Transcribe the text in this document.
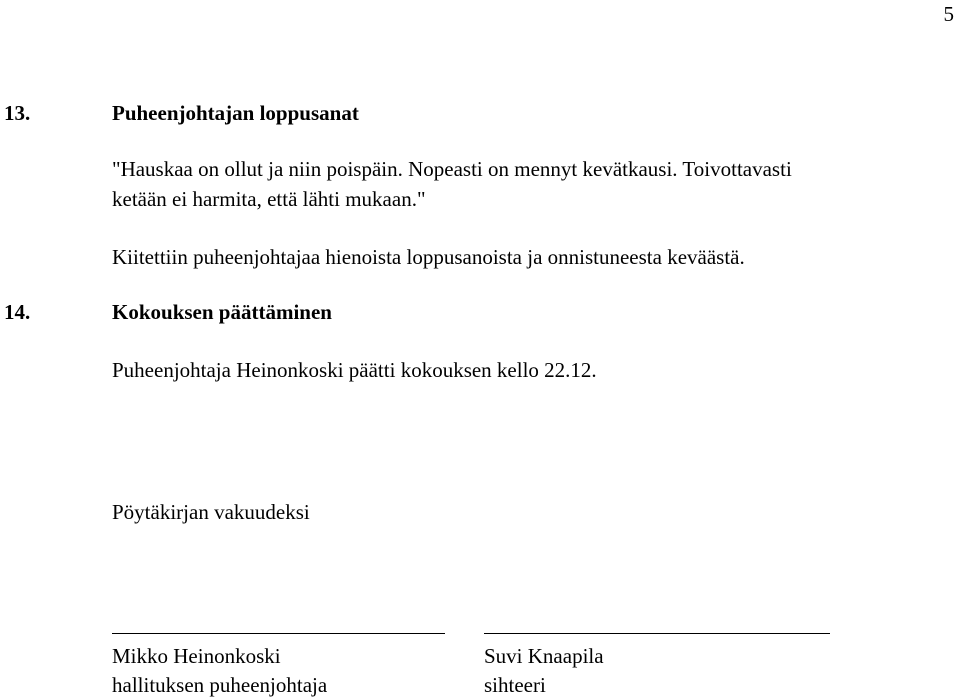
5
13.	Puheenjohtajan loppusanat
"Hauskaa on ollut ja niin poispäin. Nopeasti on mennyt kevätkausi. Toivottavasti
ketään ei harmita, että lähti mukaan."
Kiitettiin puheenjohtajaa hienoista loppusanoista ja onnistuneesta keväästä.
14.	Kokouksen päättäminen
Puheenjohtaja Heinonkoski päätti kokouksen kello 22.12.
Pöytäkirjan vakuudeksi
Mikko Heinonkoski
hallituksen puheenjohtaja
Suvi Knaapila
sihteeri
